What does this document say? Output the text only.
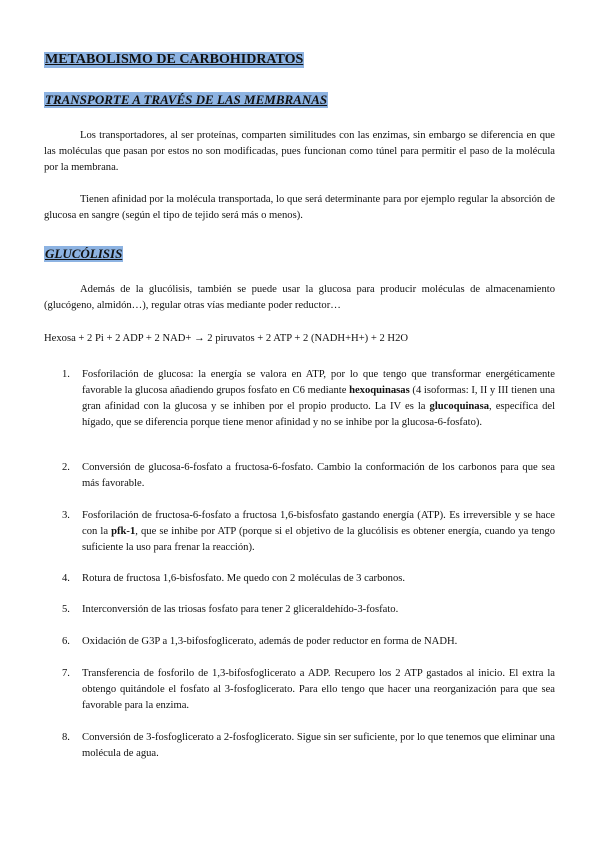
METABOLISMO DE CARBOHIDRATOS
TRANSPORTE A TRAVÉS DE LAS MEMBRANAS

Los transportadores, al ser proteínas, comparten similitudes con las enzimas, sin embargo se diferencia en que las moléculas que pasan por estos no son modificadas, pues funcionan como túnel para permitir el paso de la molécula por la membrana.

Tienen afinidad por la molécula transportada, lo que será determinante para por ejemplo regular la absorción de glucosa en sangre (según el tipo de tejido será más o menos).

GLUCÓLISIS

Además de la glucólisis, también se puede usar la glucosa para producir moléculas de almacenamiento (glucógeno, almidón…), regular otras vías mediante poder reductor…

Hexosa + 2 Pi + 2 ADP + 2 NAD+ → 2 piruvatos + 2 ATP + 2 (NADH+H+) + 2 H2O
1.	Fosforilación de glucosa: la energía se valora en ATP, por lo que tengo que transformar energéticamente favorable la glucosa añadiendo grupos fosfato en C6 mediante hexoquinasas (4 isoformas: I, II y III tienen una gran afinidad con la glucosa y se inhiben por el propio producto. La IV es la glucoquinasa, específica del hígado, que se diferencia porque tiene menor afinidad y no se inhibe por la glucosa-6-fosfato).
2.	Conversión de glucosa-6-fosfato a fructosa-6-fosfato. Cambio la conformación de los carbonos para que sea más favorable.
3.	Fosforilación de fructosa-6-fosfato a fructosa 1,6-bisfosfato gastando energía (ATP). Es irreversible y se hace con la pfk-1, que se inhibe por ATP (porque si el objetivo de la glucólisis es obtener energía, cuando ya tengo suficiente la uso para frenar la reacción).
4.	Rotura de fructosa 1,6-bisfosfato. Me quedo con 2 moléculas de 3 carbonos.
5.	Interconversión de las triosas fosfato para tener 2 gliceraldehído-3-fosfato.
6.	Oxidación de G3P a 1,3-bifosfoglicerato, además de poder reductor en forma de NADH.
7.	Transferencia de fosforilo de 1,3-bifosfoglicerato a ADP. Recupero los 2 ATP gastados al inicio. El extra la obtengo quitándole el fosfato al 3-fosfoglicerato. Para ello tengo que hacer una reorganización para que sea favorable para la enzima.
8.	Conversión de 3-fosfoglicerato a 2-fosfoglicerato. Sigue sin ser suficiente, por lo que tenemos que eliminar una molécula de agua.
